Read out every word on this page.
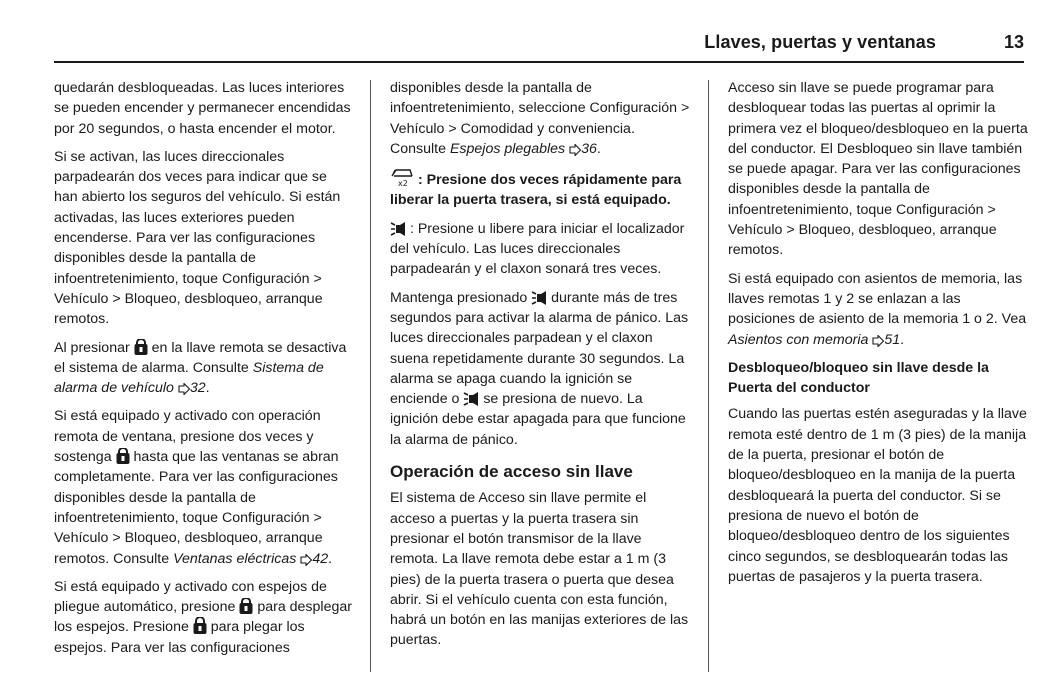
Llaves, puertas y ventanas	13

quedarán desbloqueadas. Las luces interiores se pueden encender y permanecer encendidas por 20 segundos, o hasta encender el motor.

Si se activan, las luces direccionales parpadearán dos veces para indicar que se han abierto los seguros del vehículo. Si están activadas, las luces exteriores pueden encenderse. Para ver las configuraciones disponibles desde la pantalla de infoentretenimiento, toque Configuración > Vehículo > Bloqueo, desbloqueo, arranque remotos.

Al presionar en la llave remota se desactiva el sistema de alarma. Consulte Sistema de alarma de vehículo 32.

Si está equipado y activado con operación remota de ventana, presione dos veces y sostenga hasta que las ventanas se abran completamente. Para ver las configuraciones disponibles desde la pantalla de infoentretenimiento, toque Configuración > Vehículo > Bloqueo, desbloqueo, arranque remotos. Consulte Ventanas eléctricas 42.

Si está equipado y activado con espejos de pliegue automático, presione para desplegar los espejos. Presione para plegar los espejos. Para ver las configuraciones

disponibles desde la pantalla de infoentretenimiento, seleccione Configuración > Vehículo > Comodidad y conveniencia. Consulte Espejos plegables 36.

x2 : Presione dos veces rápidamente para liberar la puerta trasera, si está equipado.

: Presione u libere para iniciar el localizador del vehículo. Las luces direccionales parpadearán y el claxon sonará tres veces.

Mantenga presionado durante más de tres segundos para activar la alarma de pánico. Las luces direccionales parpadean y el claxon suena repetidamente durante 30 segundos. La alarma se apaga cuando la ignición se enciende o se presiona de nuevo. La ignición debe estar apagada para que funcione la alarma de pánico.

Operación de acceso sin llave

El sistema de Acceso sin llave permite el acceso a puertas y la puerta trasera sin presionar el botón transmisor de la llave remota. La llave remota debe estar a 1 m (3 pies) de la puerta trasera o puerta que desea abrir. Si el vehículo cuenta con esta función, habrá un botón en las manijas exteriores de las puertas.

Acceso sin llave se puede programar para desbloquear todas las puertas al oprimir la primera vez el bloqueo/desbloqueo en la puerta del conductor. El Desbloqueo sin llave también se puede apagar. Para ver las configuraciones disponibles desde la pantalla de infoentretenimiento, toque Configuración > Vehículo > Bloqueo, desbloqueo, arranque remotos.

Si está equipado con asientos de memoria, las llaves remotas 1 y 2 se enlazan a las posiciones de asiento de la memoria 1 o 2. Vea Asientos con memoria 51.

Desbloqueo/bloqueo sin llave desde la Puerta del conductor

Cuando las puertas estén aseguradas y la llave remota esté dentro de 1 m (3 pies) de la manija de la puerta, presionar el botón de bloqueo/desbloqueo en la manija de la puerta desbloqueará la puerta del conductor. Si se presiona de nuevo el botón de bloqueo/desbloqueo dentro de los siguientes cinco segundos, se desbloquearán todas las puertas de pasajeros y la puerta trasera.
